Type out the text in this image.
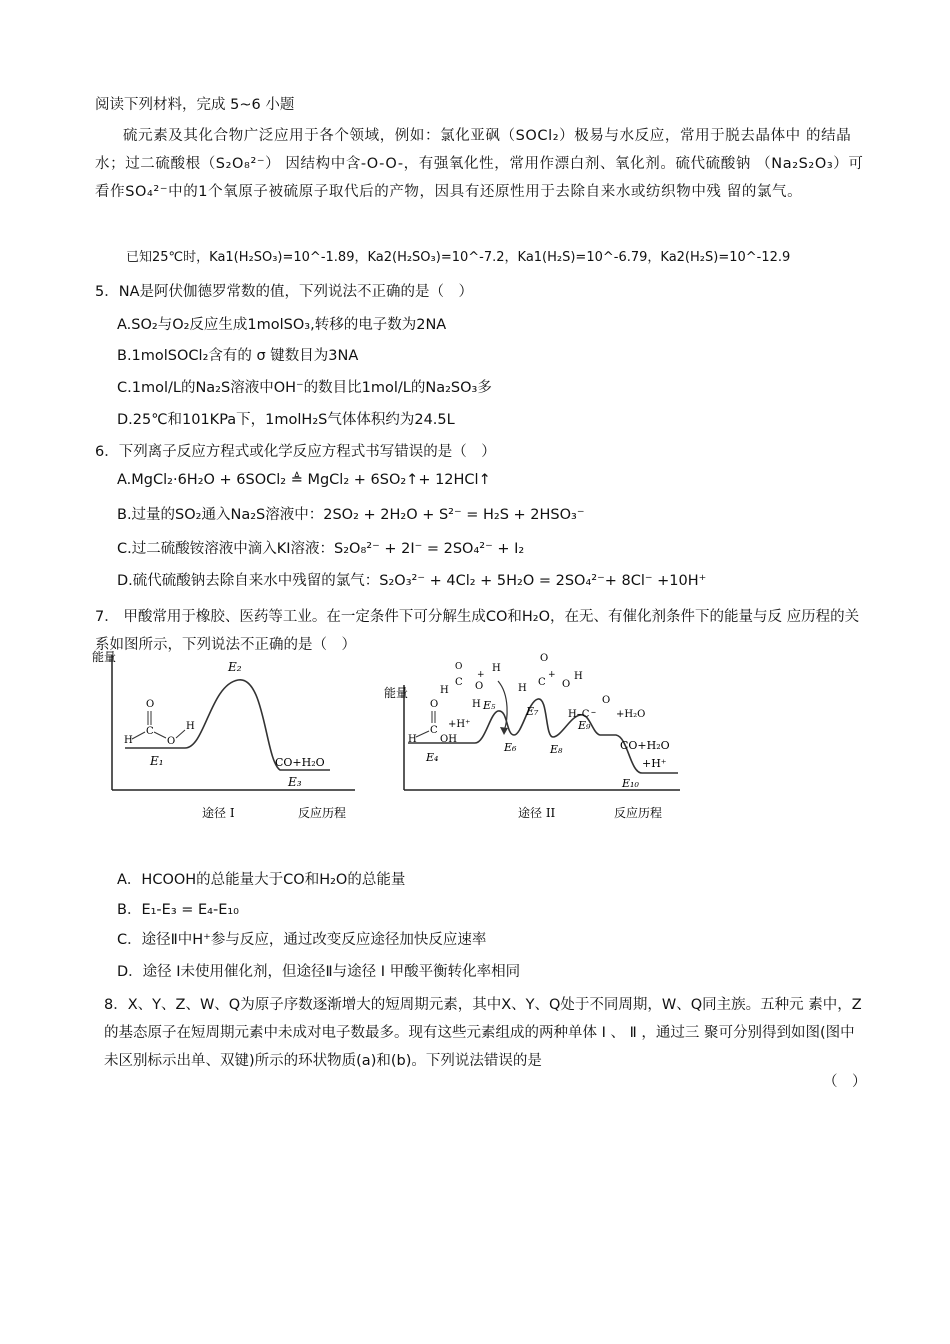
阅读下列材料，完成 5~6 小题
硫元素及其化合物广泛应用于各个领域，例如：氯化亚砜（SOCl₂）极易与水反应，常用于脱去晶体中 的结晶水；过二硫酸根（S₂O₈²⁻） 因结构中含-O-O-，有强氧化性，常用作漂白剂、氧化剂。硫代硫酸钠 （Na₂S₂O₃）可看作SO₄²⁻中的1个氧原子被硫原子取代后的产物，因具有还原性用于去除自来水或纺织物中残 留的氯气。
已知25℃时，Ka1(H₂SO₃)=10^-1.89，Ka2(H₂SO₃)=10^-7.2，Ka1(H₂S)=10^-6.79，Ka2(H₂S)=10^-12.9
5．NA是阿伏伽德罗常数的值，下列说法不正确的是（　）
A.SO₂与O₂反应生成1molSO₃,转移的电子数为2NA
B.1molSOCl₂含有的 σ 键数目为3NA
C.1mol/L的Na₂S溶液中OH⁻的数目比1mol/L的Na₂SO₃多
D.25℃和101KPa下，1molH₂S气体体积约为24.5L
6．下列离子反应方程式或化学反应方程式书写错误的是（　）
A.MgCl₂·6H₂O + 6SOCl₂ ≜ MgCl₂ + 6SO₂↑+ 12HCl↑
B.过量的SO₂通入Na₂S溶液中：2SO₂ + 2H₂O + S²⁻ = H₂S + 2HSO₃⁻
C.过二硫酸铵溶液中滴入KI溶液：S₂O₈²⁻ + 2I⁻ = 2SO₄²⁻ + I₂
D.硫代硫酸钠去除自来水中残留的氯气：S₂O₃²⁻ + 4Cl₂ + 5H₂O = 2SO₄²⁻+ 8Cl⁻ +10H⁺
7． 甲酸常用于橡胶、医药等工业。在一定条件下可分解生成CO和H₂O，在无、有催化剂条件下的能量与反 应历程的关系如图所示，下列说法不正确的是（　）
能量
O
C
H	O
H
E₂
E₁	CO+H₂O
E₃
途径 I	反应历程
能量
O
C
H OH
+H⁺
O
H
C
+
O
H
H
O
H
C
+
O
H
O
H–C – +H₂O
E₅
E₆
E₇
E₈
E₉
E₄
CO+H₂O
+H⁺
E₁₀
途径 II	反应历程
A．HCOOH的总能量大于CO和H₂O的总能量
B．E₁-E₃ = E₄-E₁₀
C．途径Ⅱ中H⁺参与反应，通过改变反应途径加快反应速率
D．途径 Ⅰ未使用催化剂，但途径Ⅱ与途径 Ⅰ 甲酸平衡转化率相同
8．X、Y、Z、W、Q为原子序数逐渐增大的短周期元素，其中X、Y、Q处于不同周期，W、Q同主族。五种元 素中，Z的基态原子在短周期元素中未成对电子数最多。现有这些元素组成的两种单体 Ⅰ 、 Ⅱ ，通过三 聚可分别得到如图(图中未区别标示出单、双键)所示的环状物质(a)和(b)。下列说法错误的是
（　）
